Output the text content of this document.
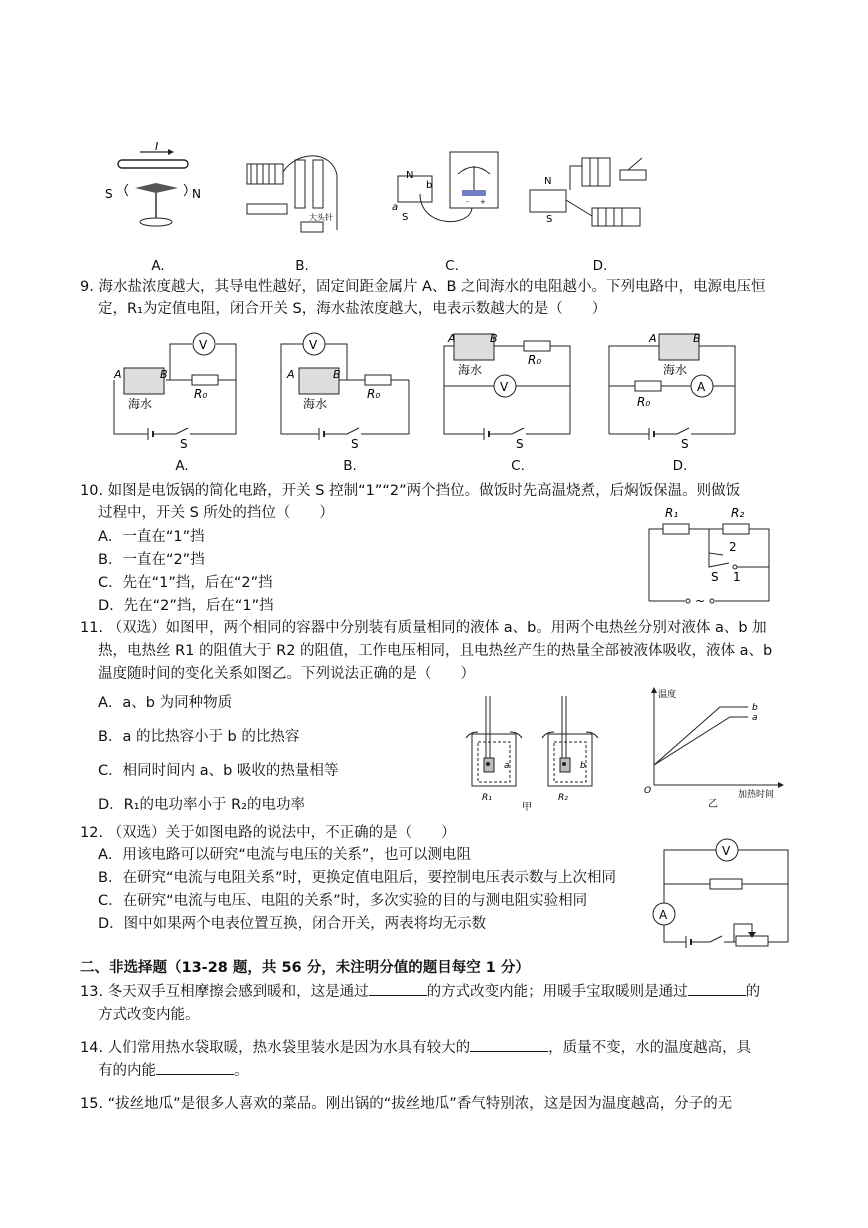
I
S	N
大头针
- +
N
b
a
S
N
S
A.	B.	C.	D.
9. 海水盐浓度越大，其导电性越好，固定间距金属片 A、B 之间海水的电阻越小。下列电路中，电源电压恒
定，R₁为定值电阻，闭合开关 S，海水盐浓度越大，电表示数越大的是（　　）
V
A	B
海水
R₀
S
V
A	B
海水
R₀
S
A	B
海水
R₀
V
S
A	B
海水
A
R₀
S
A.	B.	C.	D.
10. 如图是电饭锅的简化电路，开关 S 控制“1”“2”两个挡位。做饭时先高温烧煮，后焖饭保温。则做饭
过程中，开关 S 所处的挡位（　　）
A．一直在“1”挡
B．一直在“2”挡
C．先在“1”挡，后在“2”挡
D．先在“2”挡，后在“1”挡
R₁	R₂
2
S 1
~
11. （双选）如图甲，两个相同的容器中分别装有质量相同的液体 a、b。用两个电热丝分别对液体 a、b 加
热，电热丝 R1 的阻值大于 R2 的阻值，工作电压相同，且电热丝产生的热量全部被液体吸收，液体 a、b
温度随时间的变化关系如图乙。下列说法正确的是（　　）
A．a、b 为同种物质
B．a 的比热容小于 b 的比热容
C．相同时间内 a、b 吸收的热量相等
D．R₁的电功率小于 R₂的电功率
a
R₁
b
R₂
甲
温度
加热时间
O
b
a
乙
12. （双选）关于如图电路的说法中，不正确的是（　　）
A．用该电路可以研究“电流与电压的关系”，也可以测电阻
B．在研究“电流与电阻关系”时，更换定值电阻后，要控制电压表示数与上次相同
C．在研究“电流与电压、电阻的关系”时，多次实验的目的与测电阻实验相同
D．图中如果两个电表位置互换，闭合开关，两表将均无示数
V
A
二、非选择题（13-28 题，共 56 分，未注明分值的题目每空 1 分）
13. 冬天双手互相摩擦会感到暖和，这是通过	的方式改变内能；用暖手宝取暖则是通过	的
方式改变内能。
14. 人们常用热水袋取暖，热水袋里装水是因为水具有较大的	，质量不变，水的温度越高，具
有的内能	。
15. “拔丝地瓜”是很多人喜欢的菜品。刚出锅的“拔丝地瓜”香气特别浓，这是因为温度越高，分子的无
